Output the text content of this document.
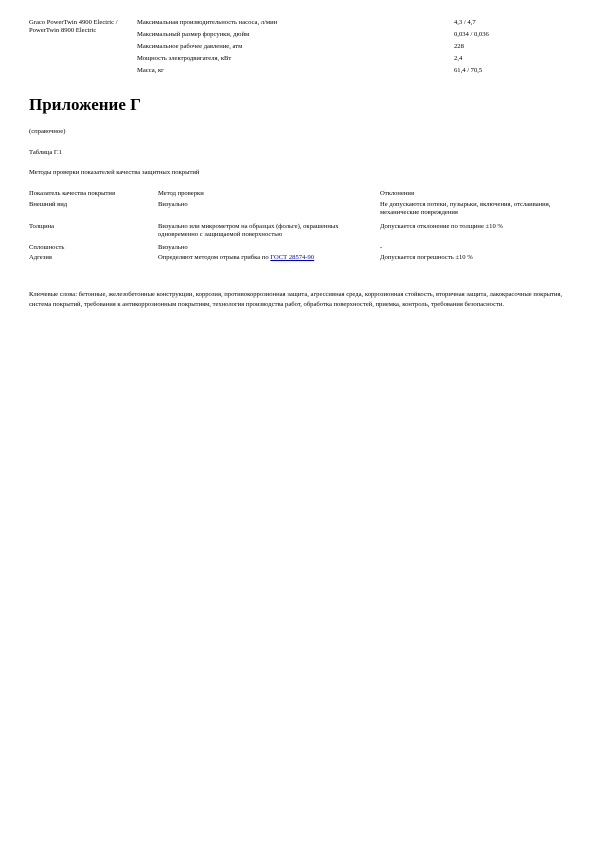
Graco PowerTwin 4900 Electric / PowerTwin 8900 Electric	Максимальная производительность насоса, л/мин	4,3 / 4,7
	Максимальный размер форсунки, дюйм	0,034 / 0,036
	Максимальное рабочее давление, атм	228
	Мощность электродвигателя, кВт	2,4
	Масса, кг	61,4 / 70,5
Приложение Г
(справочное)
Таблица Г.1
Методы проверки показателей качества защитных покрытий
Показатель качества покрытия	Метод проверки	Отклонения
Внешний вид	Визуально	Не допускаются потеки, пузырьки, включения, отслаивания, механические повреждения
Толщина	Визуально или микрометром на образцах (фольге), окрашенных одновременно с защищаемой поверхностью	Допускается отклонение по толщине ±10 %
Сплошность	Визуально	-
Адгезия	Определяют методом отрыва грибка по ГОСТ 28574-90	Допускается погрешность ±10 %

Ключевые слова: бетонные, железобетонные конструкции, коррозия, противокоррозионная защита, агрессивная среда, коррозионная стойкость, вторичная защита, лакокрасочные покрытия, система покрытий, требования к антикоррозионным покрытиям, технология производства работ, обработка поверхностей, приемка, контроль, требования безопасности.
